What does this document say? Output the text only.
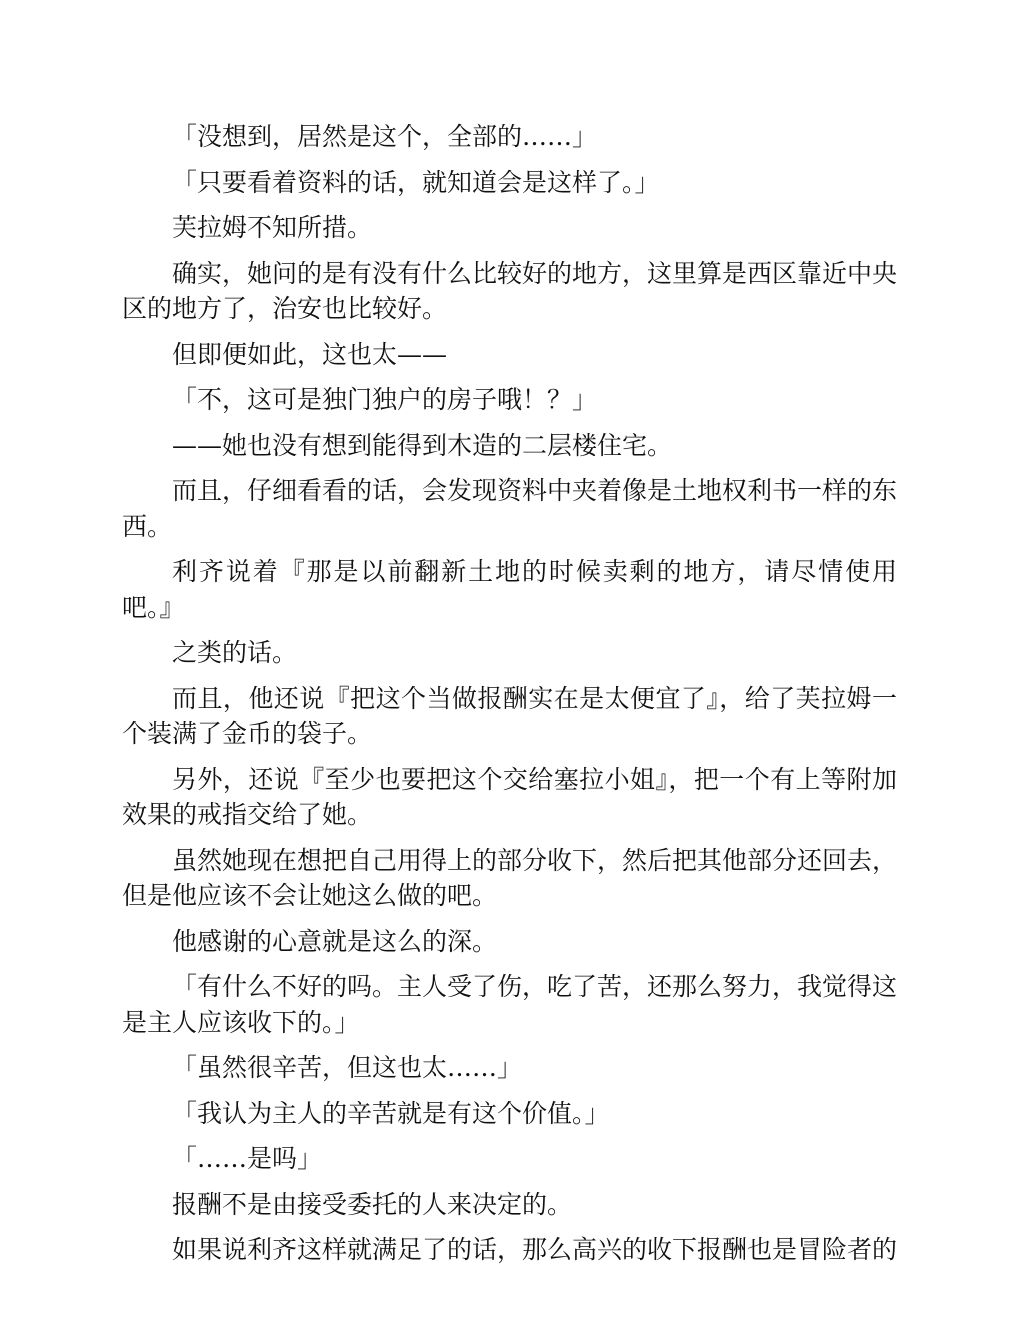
「没想到，居然是这个，全部的……」

「只要看着资料的话，就知道会是这样了。」

芙拉姆不知所措。

确实，她问的是有没有什么比较好的地方，这里算是西区靠近中央区的地方了，治安也比较好。

但即便如此，这也太——

「不，这可是独门独户的房子哦！？」

——她也没有想到能得到木造的二层楼住宅。

而且，仔细看看的话，会发现资料中夹着像是土地权利书一样的东西。

利齐说着『那是以前翻新土地的时候卖剩的地方，请尽情使用吧。』

之类的话。

而且，他还说『把这个当做报酬实在是太便宜了』，给了芙拉姆一个装满了金币的袋子。

另外，还说『至少也要把这个交给塞拉小姐』，把一个有上等附加效果的戒指交给了她。

虽然她现在想把自己用得上的部分收下，然后把其他部分还回去，但是他应该不会让她这么做的吧。

他感谢的心意就是这么的深。

「有什么不好的吗。主人受了伤，吃了苦，还那么努力，我觉得这是主人应该收下的。」

「虽然很辛苦，但这也太……」

「我认为主人的辛苦就是有这个价值。」

「……是吗」

报酬不是由接受委托的人来决定的。

如果说利齐这样就满足了的话，那么高兴的收下报酬也是冒险者的
